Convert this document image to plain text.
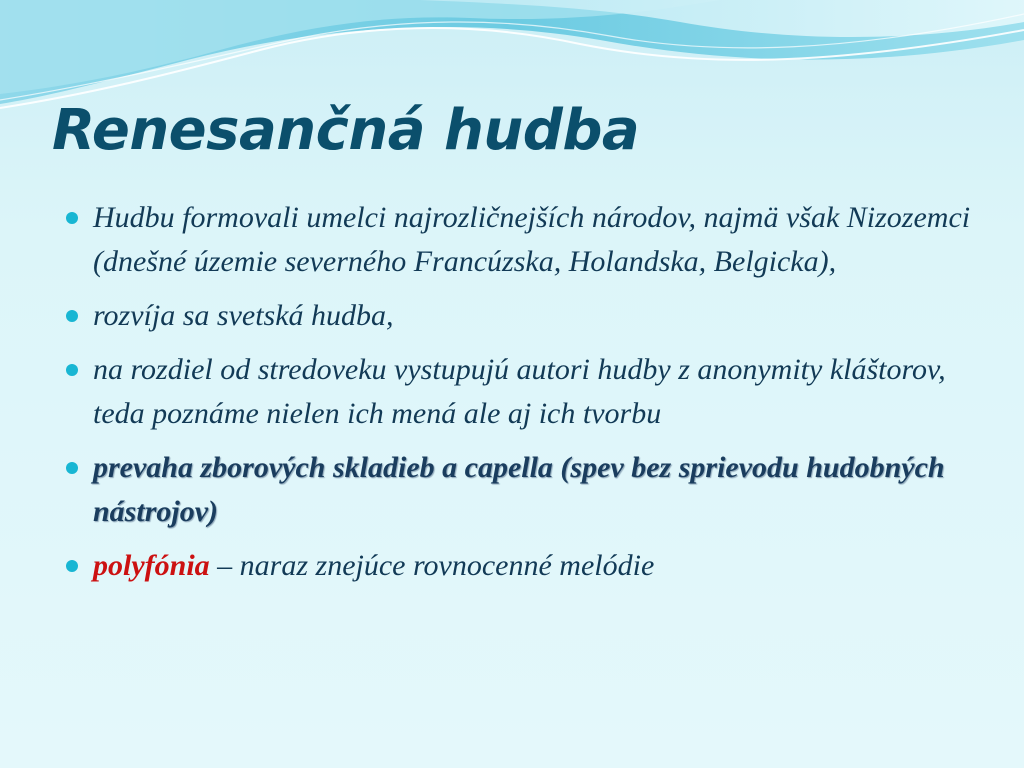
Renesančná hudba
Hudbu formovali umelci najrozličnejších národov, najmä však Nizozemci (dnešné územie severného Francúzska, Holandska, Belgicka),
rozvíja sa svetská hudba,
na rozdiel od stredoveku vystupujú autori hudby z anonymity kláštorov, teda poznáme nielen ich mená ale aj ich tvorbu
prevaha zborových skladieb a capella (spev bez sprievodu hudobných nástrojov)
polyfónia – naraz znejúce rovnocenné melódie
